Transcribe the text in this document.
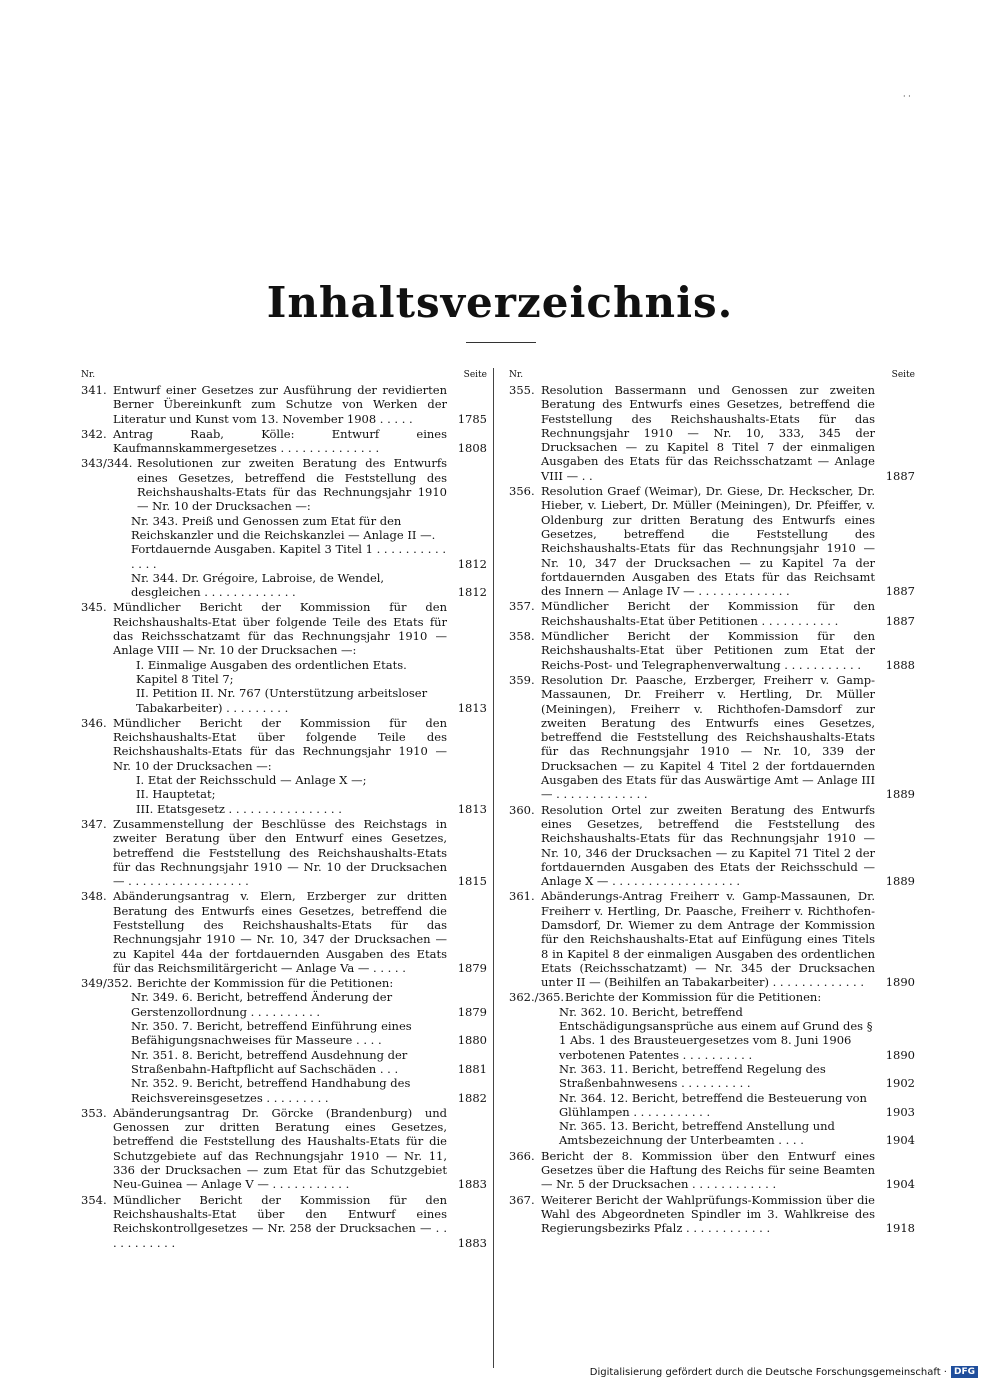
· ·
Inhaltsverzeichnis.
Nr.	Seite
341. Entwurf einer Gesetzes zur Ausführung der revidierten Berner Übereinkunft zum Schutze von Werken der Literatur und Kunst vom 13. November 1908 . . . . .	1785
342. Antrag Raab, Kölle: Entwurf eines Kaufmannskammergesetzes . . . . . . . . . . . . . .	1808
343/344. Resolutionen zur zweiten Beratung des Entwurfs eines Gesetzes, betreffend die Feststellung des Reichshaushalts-Etats für das Rechnungsjahr 1910 — Nr. 10 der Drucksachen —:
Nr. 343. Preiß und Genossen zum Etat für den Reichskanzler und die Reichskanzlei — Anlage II —. Fortdauernde Ausgaben. Kapitel 3 Titel 1 . . . . . . . . . . . . . .	1812
Nr. 344. Dr. Grégoire, Labroise, de Wendel, desgleichen . . . . . . . . . . . . .	1812
345. Mündlicher Bericht der Kommission für den Reichshaushalts-Etat über folgende Teile des Etats für das Reichsschatzamt für das Rechnungsjahr 1910 — Anlage VIII — Nr. 10 der Drucksachen —:
I. Einmalige Ausgaben des ordentlichen Etats. Kapitel 8 Titel 7;
II. Petition II. Nr. 767 (Unterstützung arbeitsloser Tabakarbeiter) . . . . . . . . .	1813
346. Mündlicher Bericht der Kommission für den Reichshaushalts-Etat über folgende Teile des Reichshaushalts-Etats für das Rechnungsjahr 1910 — Nr. 10 der Drucksachen —:
I. Etat der Reichsschuld — Anlage X —;
II. Hauptetat;
III. Etatsgesetz . . . . . . . . . . . . . . . .	1813
347. Zusammenstellung der Beschlüsse des Reichstags in zweiter Beratung über den Entwurf eines Gesetzes, betreffend die Feststellung des Reichshaushalts-Etats für das Rechnungsjahr 1910 — Nr. 10 der Drucksachen — . . . . . . . . . . . . . . . . .	1815
348. Abänderungsantrag v. Elern, Erzberger zur dritten Beratung des Entwurfs eines Gesetzes, betreffend die Feststellung des Reichshaushalts-Etats für das Rechnungsjahr 1910 — Nr. 10, 347 der Drucksachen — zu Kapitel 44a der fortdauernden Ausgaben des Etats für das Reichsmilitärgericht — Anlage Va — . . . . .	1879
349/352. Berichte der Kommission für die Petitionen:
Nr. 349. 6. Bericht, betreffend Änderung der Gerstenzollordnung . . . . . . . . . .	1879
Nr. 350. 7. Bericht, betreffend Einführung eines Befähigungsnachweises für Masseure . . . .	1880
Nr. 351. 8. Bericht, betreffend Ausdehnung der Straßenbahn-Haftpflicht auf Sachschäden . . .	1881
Nr. 352. 9. Bericht, betreffend Handhabung des Reichsvereinsgesetzes . . . . . . . . .	1882
353. Abänderungsantrag Dr. Görcke (Brandenburg) und Genossen zur dritten Beratung eines Gesetzes, betreffend die Feststellung des Haushalts-Etats für die Schutzgebiete auf das Rechnungsjahr 1910 — Nr. 11, 336 der Drucksachen — zum Etat für das Schutzgebiet Neu-Guinea — Anlage V — . . . . . . . . . . .	1883
354. Mündlicher Bericht der Kommission für den Reichshaushalts-Etat über den Entwurf eines Reichskontrollgesetzes — Nr. 258 der Drucksachen — . . . . . . . . . . .	1883
Nr.	Seite
355. Resolution Bassermann und Genossen zur zweiten Beratung des Entwurfs eines Gesetzes, betreffend die Feststellung des Reichshaushalts-Etats für das Rechnungsjahr 1910 — Nr. 10, 333, 345 der Drucksachen — zu Kapitel 8 Titel 7 der einmaligen Ausgaben des Etats für das Reichsschatzamt — Anlage VIII — . .	1887
356. Resolution Graef (Weimar), Dr. Giese, Dr. Heckscher, Dr. Hieber, v. Liebert, Dr. Müller (Meiningen), Dr. Pfeiffer, v. Oldenburg zur dritten Beratung des Entwurfs eines Gesetzes, betreffend die Feststellung des Reichshaushalts-Etats für das Rechnungsjahr 1910 — Nr. 10, 347 der Drucksachen — zu Kapitel 7a der fortdauernden Ausgaben des Etats für das Reichsamt des Innern — Anlage IV — . . . . . . . . . . . . .	1887
357. Mündlicher Bericht der Kommission für den Reichshaushalts-Etat über Petitionen . . . . . . . . . . .	1887
358. Mündlicher Bericht der Kommission für den Reichshaushalts-Etat über Petitionen zum Etat der Reichs-Post- und Telegraphenverwaltung . . . . . . . . . . .	1888
359. Resolution Dr. Paasche, Erzberger, Freiherr v. Gamp-Massaunen, Dr. Freiherr v. Hertling, Dr. Müller (Meiningen), Freiherr v. Richthofen-Damsdorf zur zweiten Beratung des Entwurfs eines Gesetzes, betreffend die Feststellung des Reichshaushalts-Etats für das Rechnungsjahr 1910 — Nr. 10, 339 der Drucksachen — zu Kapitel 4 Titel 2 der fortdauernden Ausgaben des Etats für das Auswärtige Amt — Anlage III — . . . . . . . . . . . . .	1889
360. Resolution Ortel zur zweiten Beratung des Entwurfs eines Gesetzes, betreffend die Feststellung des Reichshaushalts-Etats für das Rechnungsjahr 1910 — Nr. 10, 346 der Drucksachen — zu Kapitel 71 Titel 2 der fortdauernden Ausgaben des Etats der Reichsschuld — Anlage X — . . . . . . . . . . . . . . . . . .	1889
361. Abänderungs-Antrag Freiherr v. Gamp-Massaunen, Dr. Freiherr v. Hertling, Dr. Paasche, Freiherr v. Richthofen-Damsdorf, Dr. Wiemer zu dem Antrage der Kommission für den Reichshaushalts-Etat auf Einfügung eines Titels 8 in Kapitel 8 der einmaligen Ausgaben des ordentlichen Etats (Reichsschatzamt) — Nr. 345 der Drucksachen unter II — (Beihilfen an Tabakarbeiter) . . . . . . . . . . . . .	1890
362./365. Berichte der Kommission für die Petitionen:
Nr. 362. 10. Bericht, betreffend Entschädigungsansprüche aus einem auf Grund des § 1 Abs. 1 des Brausteuergesetzes vom 8. Juni 1906 verbotenen Patentes . . . . . . . . . .	1890
Nr. 363. 11. Bericht, betreffend Regelung des Straßenbahnwesens . . . . . . . . . .	1902
Nr. 364. 12. Bericht, betreffend die Besteuerung von Glühlampen . . . . . . . . . . .	1903
Nr. 365. 13. Bericht, betreffend Anstellung und Amtsbezeichnung der Unterbeamten . . . .	1904
366. Bericht der 8. Kommission über den Entwurf eines Gesetzes über die Haftung des Reichs für seine Beamten — Nr. 5 der Drucksachen . . . . . . . . . . . .	1904
367. Weiterer Bericht der Wahlprüfungs-Kommission über die Wahl des Abgeordneten Spindler im 3. Wahlkreise des Regierungsbezirks Pfalz . . . . . . . . . . . .	1918
Digitalisierung gefördert durch die Deutsche Forschungsgemeinschaft · DFG
